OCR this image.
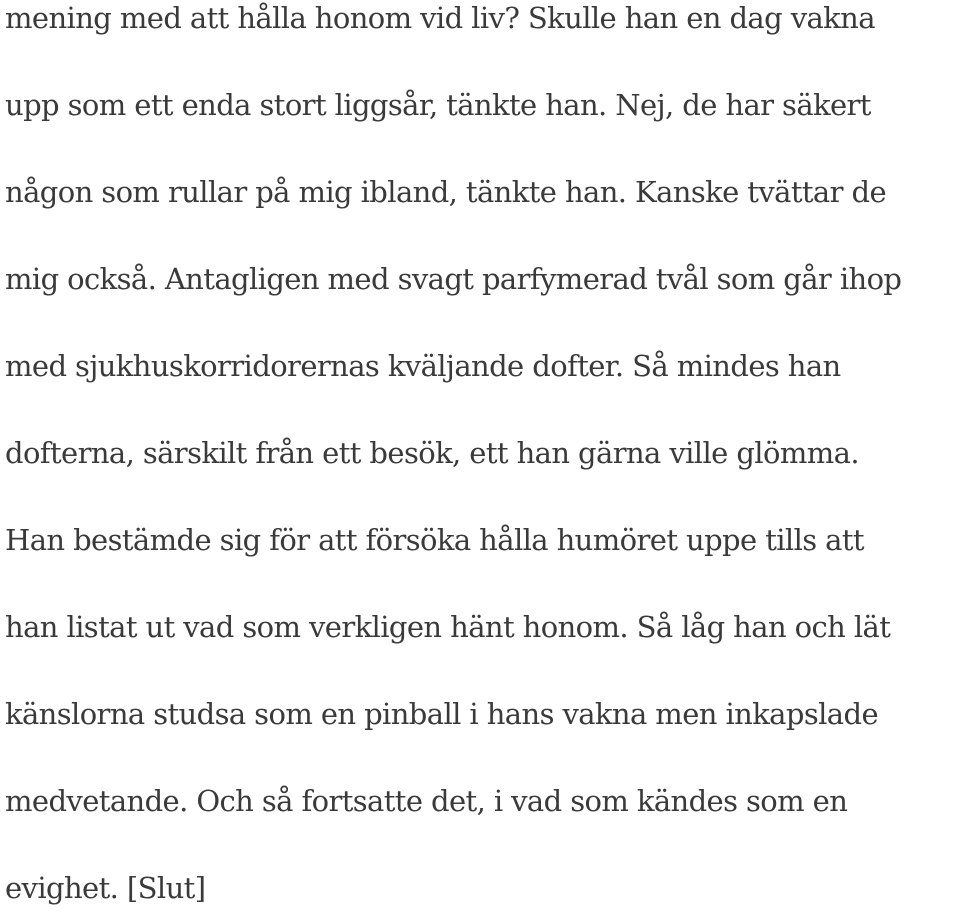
mening med att hålla honom vid liv? Skulle han en dag vakna

upp som ett enda stort liggsår, tänkte han. Nej, de har säkert

någon som rullar på mig ibland, tänkte han. Kanske tvättar de

mig också. Antagligen med svagt parfymerad tvål som går ihop

med sjukhuskorridorernas kväljande dofter. Så mindes han

dofterna, särskilt från ett besök, ett han gärna ville glömma.

Han bestämde sig för att försöka hålla humöret uppe tills att

han listat ut vad som verkligen hänt honom. Så låg han och lät

känslorna studsa som en pinball i hans vakna men inkapslade

medvetande. Och så fortsatte det, i vad som kändes som en

evighet. [Slut]
